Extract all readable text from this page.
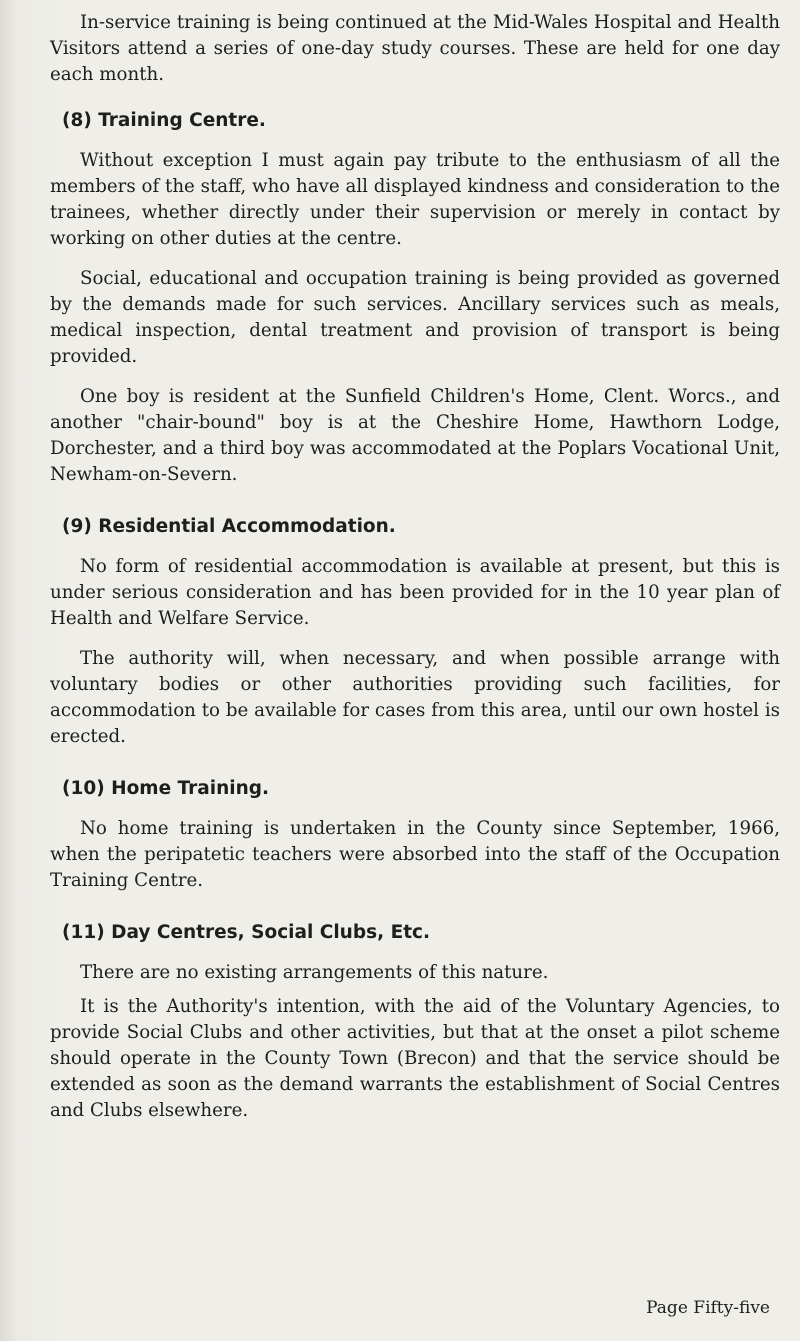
In-service training is being continued at the Mid-Wales Hospital and Health Visitors attend a series of one-day study courses. These are held for one day each month.

(8) Training Centre.

Without exception I must again pay tribute to the enthusiasm of all the members of the staff, who have all displayed kindness and consideration to the trainees, whether directly under their supervision or merely in contact by working on other duties at the centre.

Social, educational and occupation training is being provided as governed by the demands made for such services. Ancillary services such as meals, medical inspection, dental treatment and provision of transport is being provided.

One boy is resident at the Sunfield Children's Home, Clent. Worcs., and another "chair-bound" boy is at the Cheshire Home, Hawthorn Lodge, Dorchester, and a third boy was accommodated at the Poplars Vocational Unit, Newham-on-Severn.

(9) Residential Accommodation.

No form of residential accommodation is available at present, but this is under serious consideration and has been provided for in the 10 year plan of Health and Welfare Service.

The authority will, when necessary, and when possible arrange with voluntary bodies or other authorities providing such facilities, for accommodation to be available for cases from this area, until our own hostel is erected.

(10) Home Training.

No home training is undertaken in the County since September, 1966, when the peripatetic teachers were absorbed into the staff of the Occupation Training Centre.

(11) Day Centres, Social Clubs, Etc.

There are no existing arrangements of this nature.

It is the Authority's intention, with the aid of the Voluntary Agencies, to provide Social Clubs and other activities, but that at the onset a pilot scheme should operate in the County Town (Brecon) and that the service should be extended as soon as the demand warrants the establishment of Social Centres and Clubs elsewhere.

Page Fifty-five
